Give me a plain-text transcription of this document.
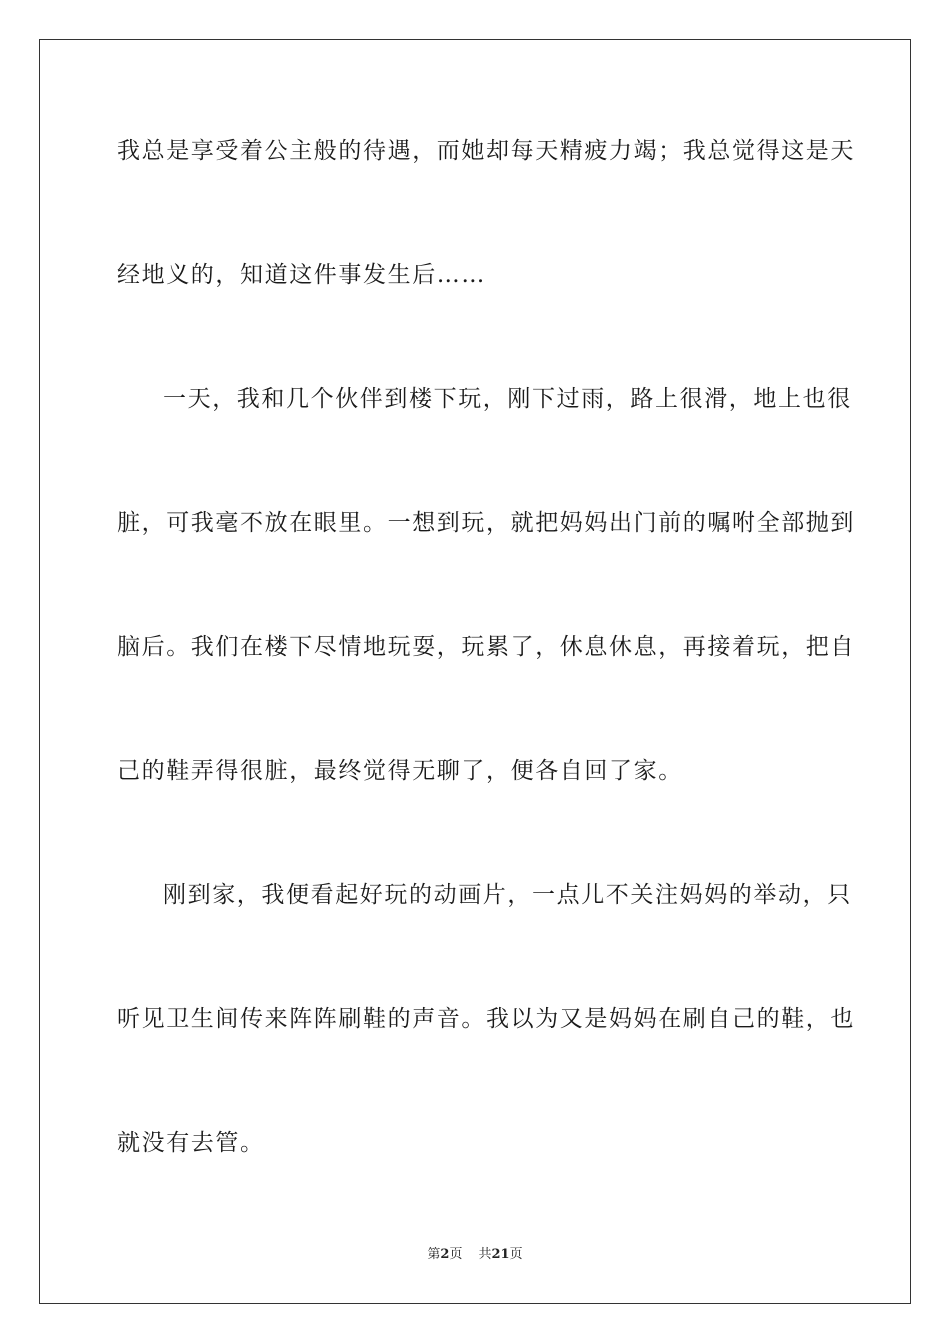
我总是享受着公主般的待遇，而她却每天精疲力竭；我总觉得这是天
经地义的，知道这件事发生后……
一天，我和几个伙伴到楼下玩，刚下过雨，路上很滑，地上也很
脏，可我毫不放在眼里。一想到玩，就把妈妈出门前的嘱咐全部抛到
脑后。我们在楼下尽情地玩耍，玩累了，休息休息，再接着玩，把自
己的鞋弄得很脏，最终觉得无聊了，便各自回了家。
刚到家，我便看起好玩的动画片，一点儿不关注妈妈的举动，只
听见卫生间传来阵阵刷鞋的声音。我以为又是妈妈在刷自己的鞋，也
就没有去管。
第2页 共21页
